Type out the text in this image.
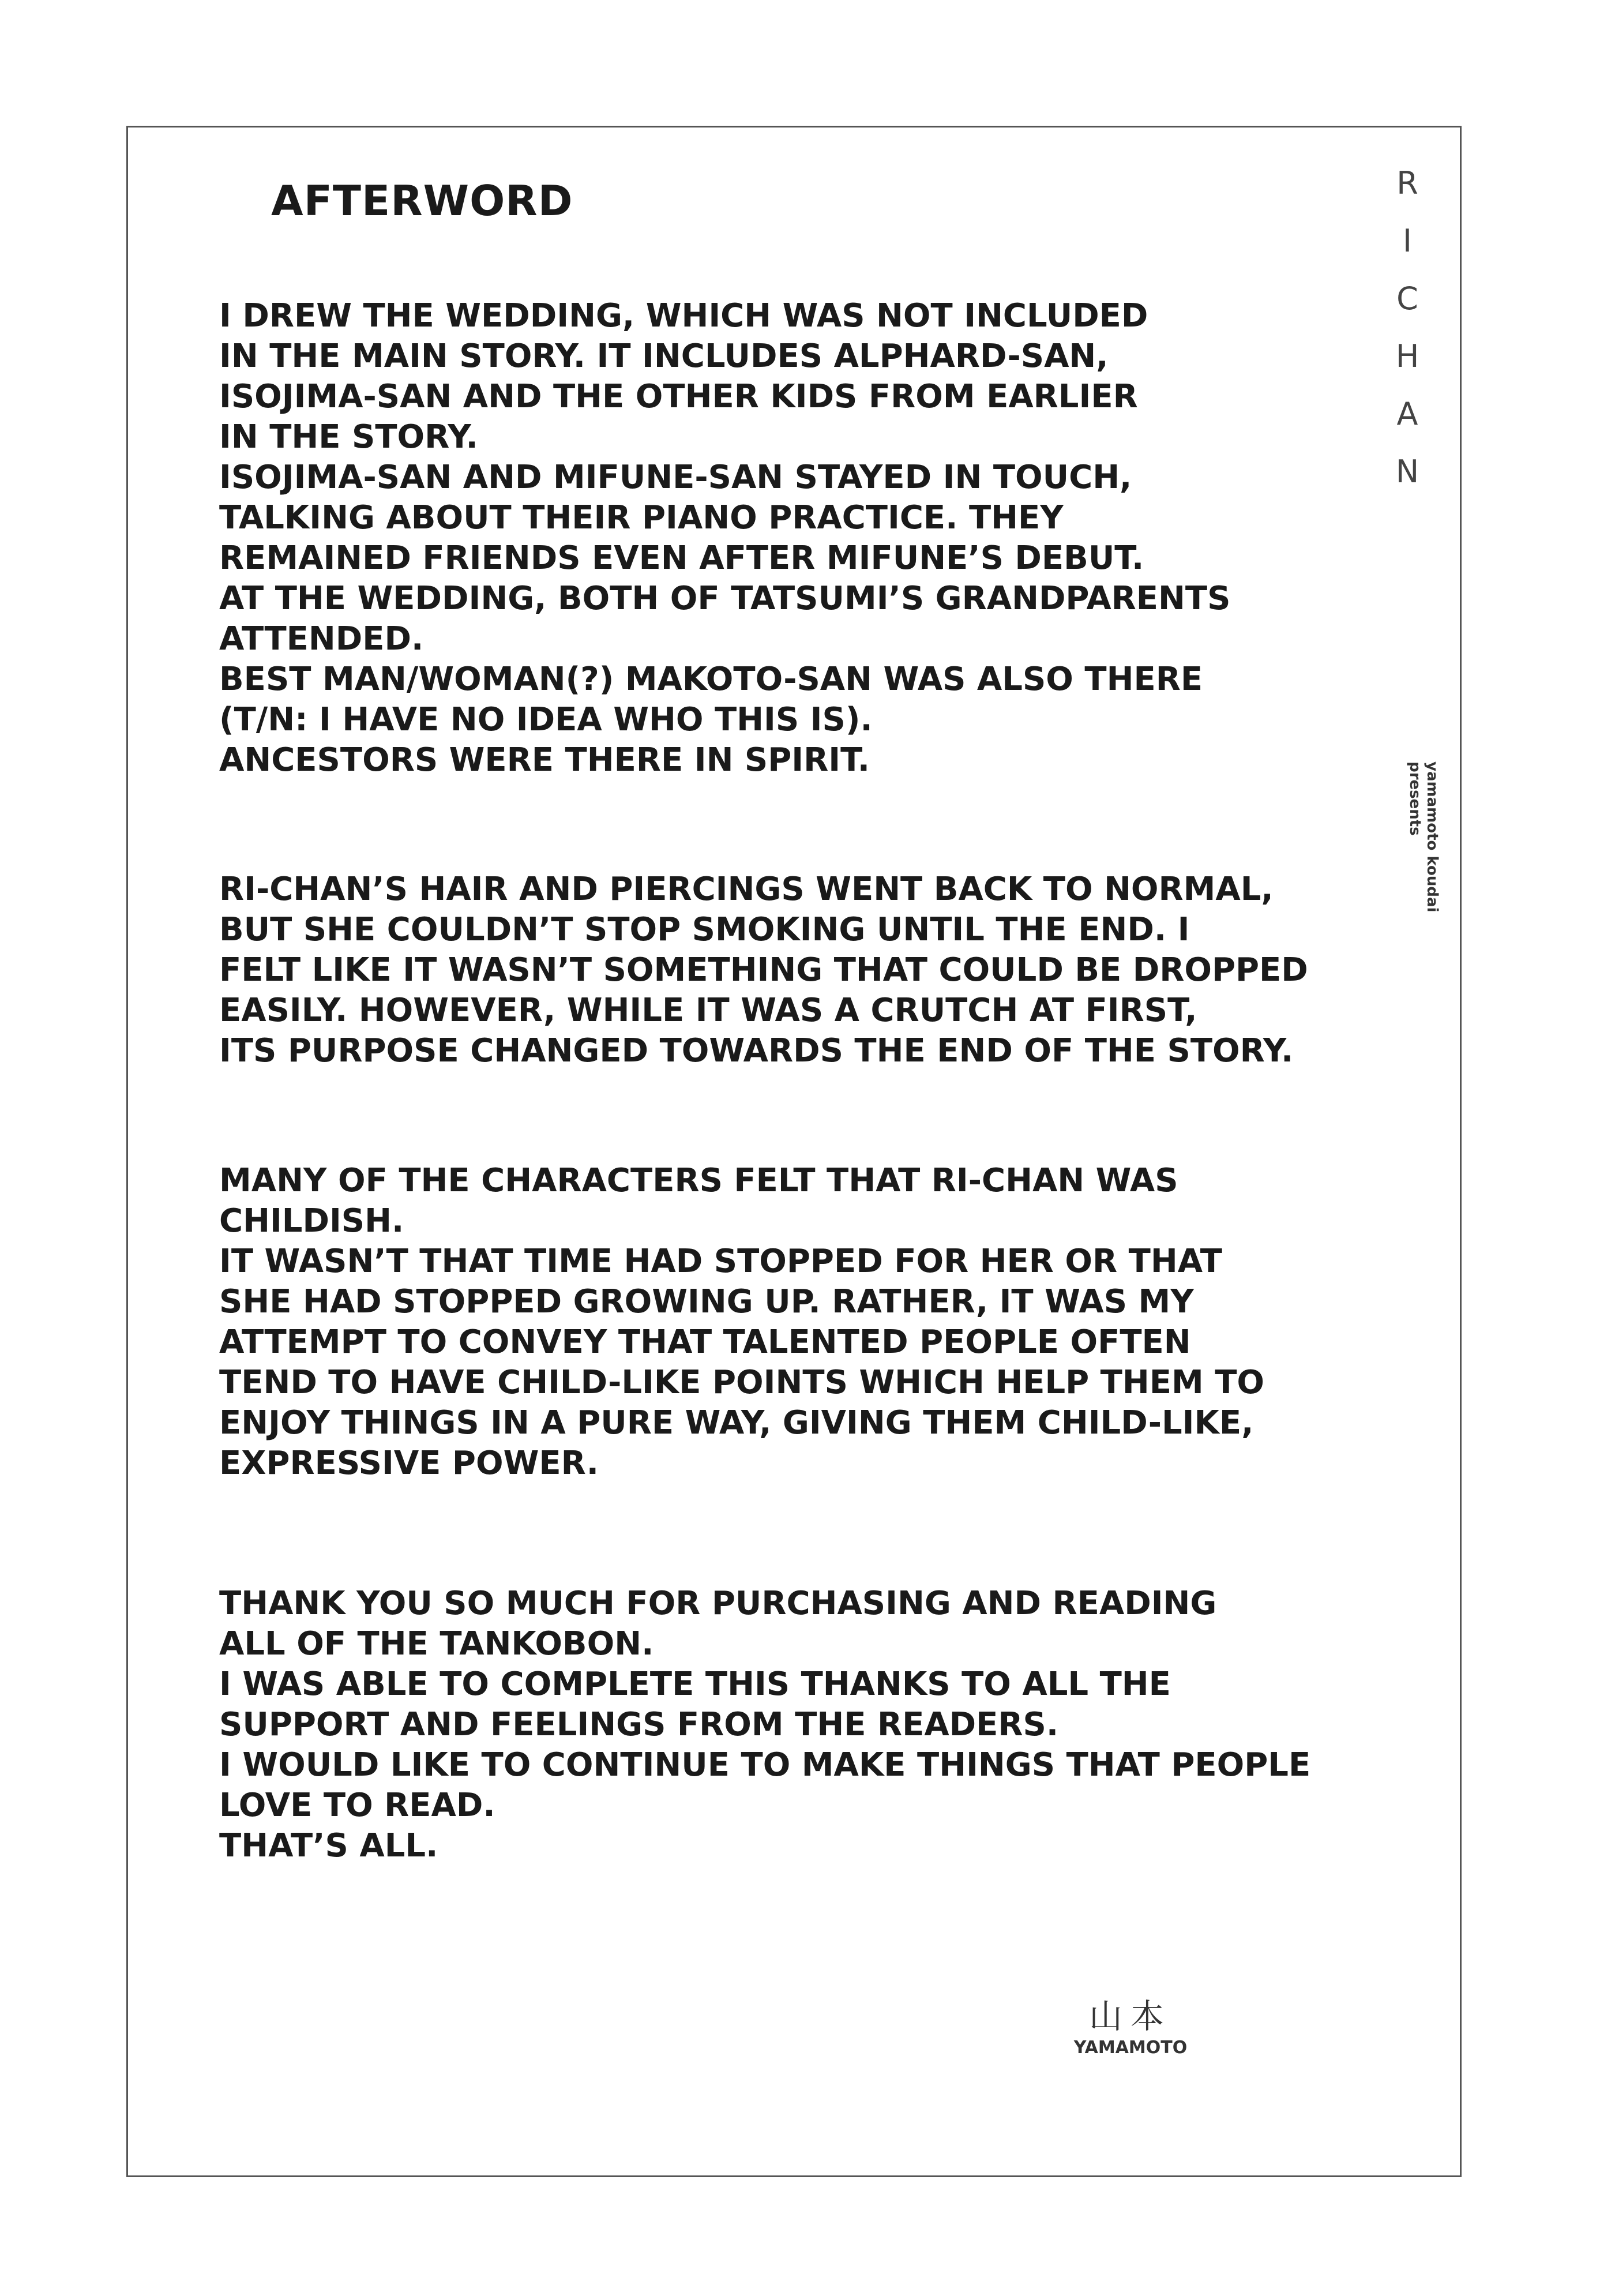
R
I
C
H
A
N
yamamoto koudai
presents
AFTERWORD
I DREW THE WEDDING, WHICH WAS NOT INCLUDED
IN THE MAIN STORY. IT INCLUDES ALPHARD-SAN,
ISOJIMA-SAN AND THE OTHER KIDS FROM EARLIER
IN THE STORY.
ISOJIMA-SAN AND MIFUNE-SAN STAYED IN TOUCH,
TALKING ABOUT THEIR PIANO PRACTICE. THEY
REMAINED FRIENDS EVEN AFTER MIFUNE’S DEBUT.
AT THE WEDDING, BOTH OF TATSUMI’S GRANDPARENTS
ATTENDED.
BEST MAN/WOMAN(?) MAKOTO-SAN WAS ALSO THERE
(T/N: I HAVE NO IDEA WHO THIS IS).
ANCESTORS WERE THERE IN SPIRIT.
RI-CHAN’S HAIR AND PIERCINGS WENT BACK TO NORMAL,
BUT SHE COULDN’T STOP SMOKING UNTIL THE END. I
FELT LIKE IT WASN’T SOMETHING THAT COULD BE DROPPED
EASILY. HOWEVER, WHILE IT WAS A CRUTCH AT FIRST,
ITS PURPOSE CHANGED TOWARDS THE END OF THE STORY.
MANY OF THE CHARACTERS FELT THAT RI-CHAN WAS
CHILDISH.
IT WASN’T THAT TIME HAD STOPPED FOR HER OR THAT
SHE HAD STOPPED GROWING UP. RATHER, IT WAS MY
ATTEMPT TO CONVEY THAT TALENTED PEOPLE OFTEN
TEND TO HAVE CHILD-LIKE POINTS WHICH HELP THEM TO
ENJOY THINGS IN A PURE WAY, GIVING THEM CHILD-LIKE,
EXPRESSIVE POWER.
THANK YOU SO MUCH FOR PURCHASING AND READING
ALL OF THE TANKOBON.
I WAS ABLE TO COMPLETE THIS THANKS TO ALL THE
SUPPORT AND FEELINGS FROM THE READERS.
I WOULD LIKE TO CONTINUE TO MAKE THINGS THAT PEOPLE
LOVE TO READ.
THAT’S ALL.
山本
YAMAMOTO
